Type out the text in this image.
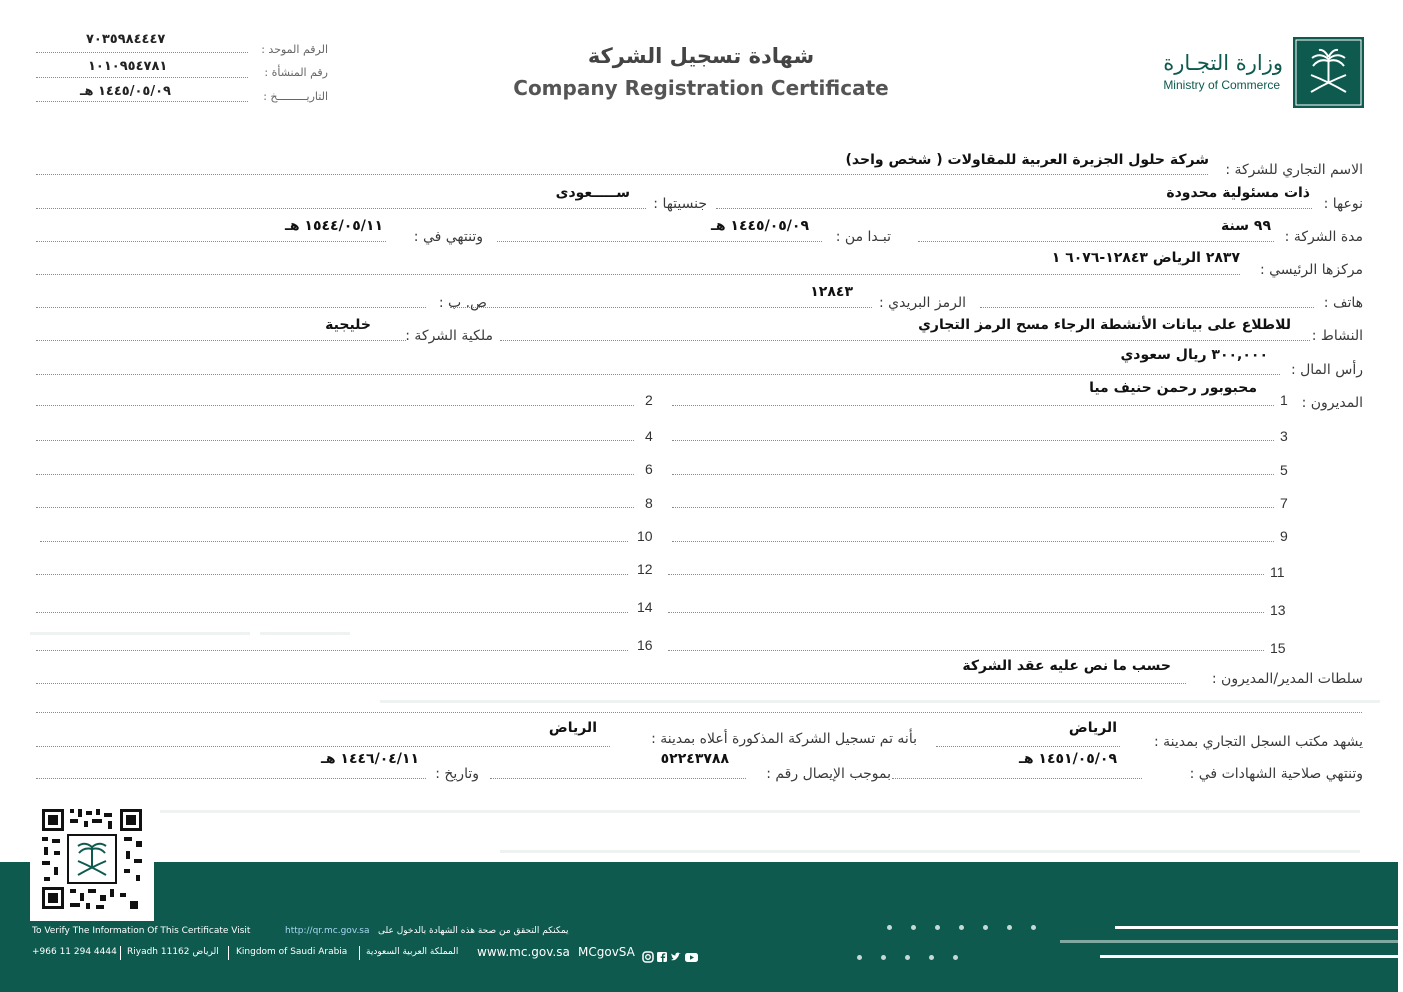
٧٠٣٥٩٨٤٤٤٧
الرقم الموحد :
١٠١٠٩٥٤٧٨١	رقم المنشأة :
١٤٤٥/٠٥/٠٩ هـ	التاريـــــــــخ :
شهادة تسجيل الشركة
Company Registration Certificate
وزارة التجـارة
Ministry of Commerce
الاسم التجاري للشركة :
شركة حلول الجزيرة العربية للمقاولات ( شخص واحد)
نوعها :
ذات مسئولية محدودة
جنسيتها :
ســـــعودى
مدة الشركة :
٩٩ سنة
تبـدا من :
١٤٤٥/٠٥/٠٩ هـ
وتنتهي في :
١٥٤٤/٠٥/١١ هـ
مركزها الرئيسي :
٢٨٣٧ الرياض ١٢٨٤٣-٦٠٧٦ ١
هاتف :
الرمز البريدي :
١٢٨٤٣
ص. ب :
النشاط :
للاطلاع على بيانات الأنشطة الرجاء مسح الرمز التجاري
ملكية الشركة :
خليجية
رأس المال :
٣٠٠,٠٠٠ ريال سعودي
المديرون :
محبوبور رحمن حنيف ميا
1
2
3
4
5
6
7
8
9
10
11
12
13
14
15
16
سلطات المدير/المديرون :
حسب ما نص عليه عقد الشركة
يشهد مكتب السجل التجاري بمدينة :
الرياض
بأنه تم تسجيل الشركة المذكورة أعلاه بمدينة :
الرياض
وتنتهي صلاحية الشهادات في :
١٤٥١/٠٥/٠٩ هـ
بموجب الإيصال رقم :
٥٢٢٤٣٧٨٨
وتاريخ :
١٤٤٦/٠٤/١١ هـ
To Verify The Information Of This Certificate Visit	http://qr.mc.gov.sa يمكنكم التحقق من صحة هذه الشهادة بالدخول على
+966 11 294 4444 Riyadh 11162 الرياض Kingdom of Saudi Arabia المملكة العربية السعودية www.mc.gov.sa MCgovSA
